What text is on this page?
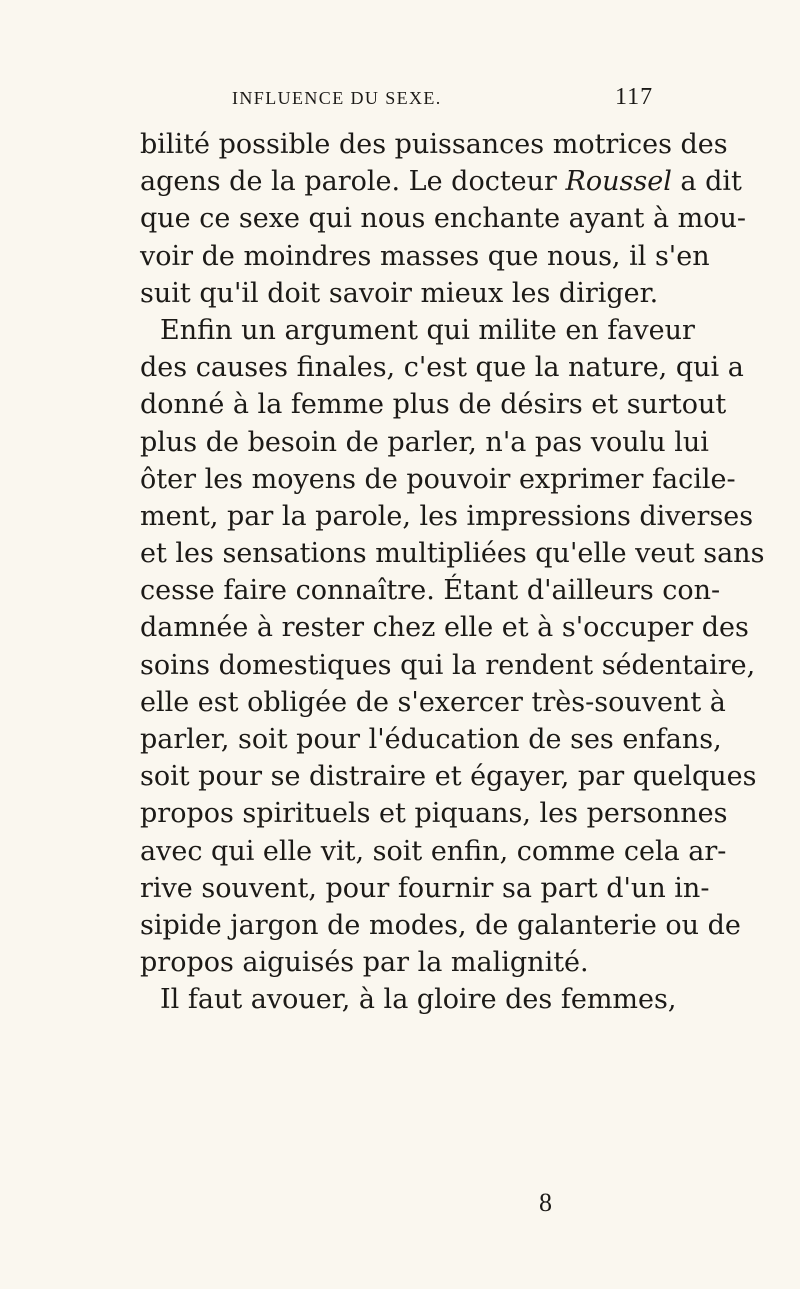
INFLUENCE DU SEXE.	117
bilité possible des puissances motrices des
agens de la parole. Le docteur Roussel a dit
que ce sexe qui nous enchante ayant à mou-
voir de moindres masses que nous, il s'en
suit qu'il doit savoir mieux les diriger.
Enfin un argument qui milite en faveur
des causes finales, c'est que la nature, qui a
donné à la femme plus de désirs et surtout
plus de besoin de parler, n'a pas voulu lui
ôter les moyens de pouvoir exprimer facile-
ment, par la parole, les impressions diverses
et les sensations multipliées qu'elle veut sans
cesse faire connaître. Étant d'ailleurs con-
damnée à rester chez elle et à s'occuper des
soins domestiques qui la rendent sédentaire,
elle est obligée de s'exercer très-souvent à
parler, soit pour l'éducation de ses enfans,
soit pour se distraire et égayer, par quelques
propos spirituels et piquans, les personnes
avec qui elle vit, soit enfin, comme cela ar-
rive souvent, pour fournir sa part d'un in-
sipide jargon de modes, de galanterie ou de
propos aiguisés par la malignité.
Il faut avouer, à la gloire des femmes,
8
